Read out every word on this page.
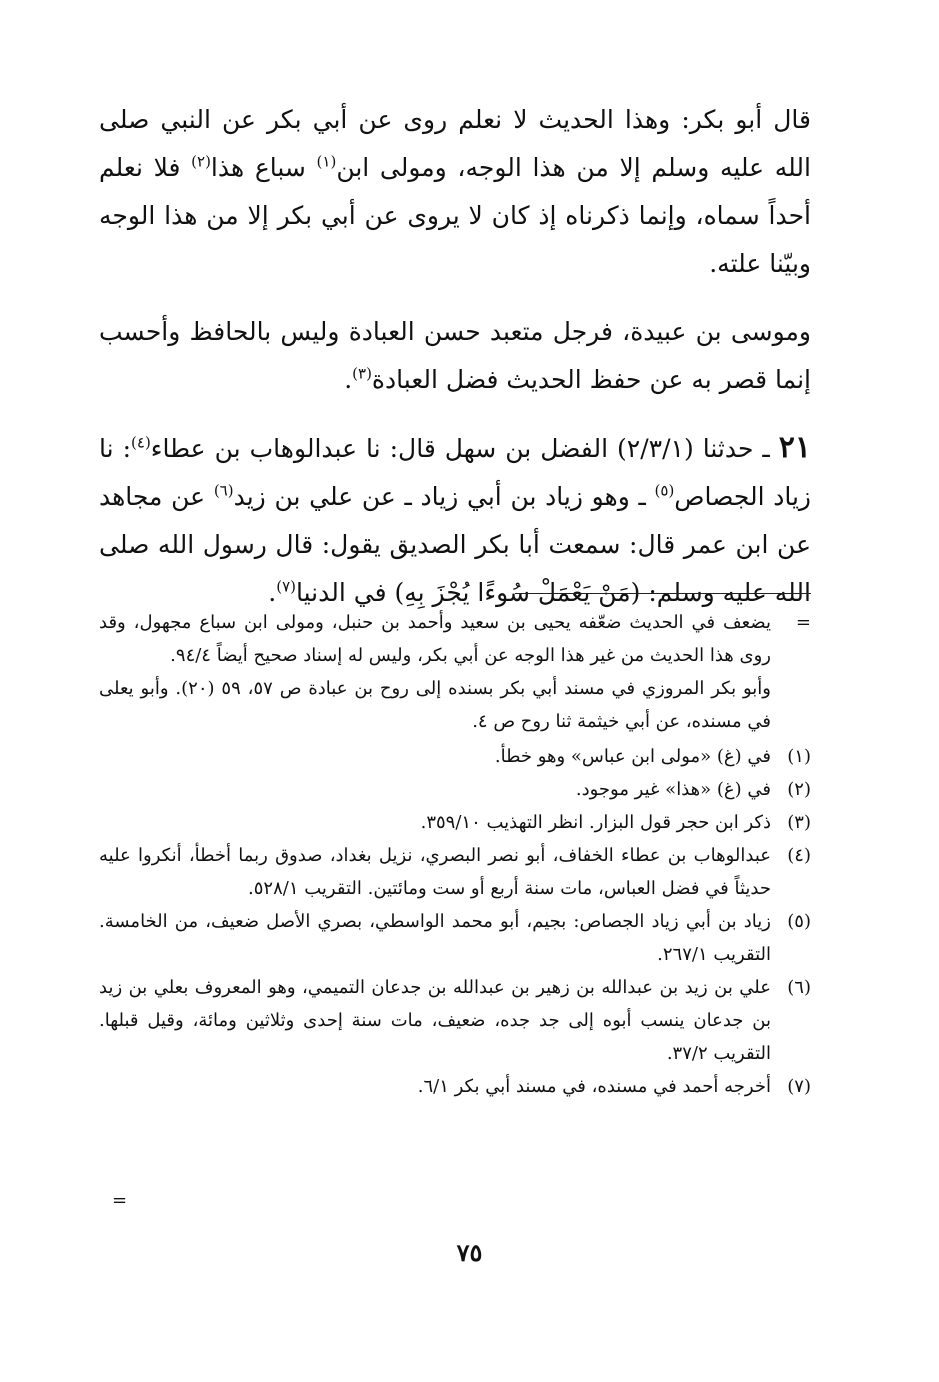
قال أبو بكر: وهذا الحديث لا نعلم روى عن أبي بكر عن النبي صلى الله عليه وسلم إلا من هذا الوجه، ومولى ابن$^{(١)}$ سباع هذا$^{(٢)}$ فلا نعلم أحداً سماه، وإنما ذكرناه إذ كان لا يروى عن أبي بكر إلا من هذا الوجه وبيّنا علته.

وموسى بن عبيدة، فرجل متعبد حسن العبادة وليس بالحافظ وأحسب إنما قصر به عن حفظ الحديث فضل العبادة$^{(٣)}$.

٢١ ـ حدثنا (٢/٣/١) الفضل بن سهل قال: نا عبدالوهاب بن عطاء$^{(٤)}$: نا زياد الجصاص$^{(٥)}$ ـ وهو زياد بن أبي زياد ـ عن علي بن زيد$^{(٦)}$ عن مجاهد عن ابن عمر قال: سمعت أبا بكر الصديق يقول: قال رسول الله صلى الله عليه وسلم: (مَنْ يَعْمَلْ سُوءًا يُجْزَ بِهِ) في الدنيا$^{(٧)}$.

=
يضعف في الحديث ضعّفه يحيى بن سعيد وأحمد بن حنبل، ومولى ابن سباع مجهول، وقد روى هذا الحديث من غير هذا الوجه عن أبي بكر، وليس له إسناد صحيح أيضاً ٩٤/٤.
وأبو بكر المروزي في مسند أبي بكر بسنده إلى روح بن عبادة ص ٥٧، ٥٩ (٢٠). وأبو يعلى في مسنده، عن أبي خيثمة ثنا روح ص ٤.
(١)
في (غ) «مولى ابن عباس» وهو خطأ.
(٢)
في (غ) «هذا» غير موجود.
(٣)
ذكر ابن حجر قول البزار. انظر التهذيب ٣٥٩/١٠.
(٤)
عبدالوهاب بن عطاء الخفاف، أبو نصر البصري، نزيل بغداد، صدوق ربما أخطأ، أنكروا عليه حديثاً في فضل العباس، مات سنة أربع أو ست ومائتين. التقريب ٥٢٨/١.
(٥)
زياد بن أبي زياد الجصاص: بجيم، أبو محمد الواسطي، بصري الأصل ضعيف، من الخامسة. التقريب ٢٦٧/١.
(٦)
علي بن زيد بن عبدالله بن زهير بن عبدالله بن جدعان التميمي، وهو المعروف بعلي بن زيد بن جدعان ينسب أبوه إلى جد جده، ضعيف، مات سنة إحدى وثلاثين ومائة، وقيل قبلها. التقريب ٣٧/٢.
(٧)
أخرجه أحمد في مسنده، في مسند أبي بكر ٦/١.
=
٧٥
